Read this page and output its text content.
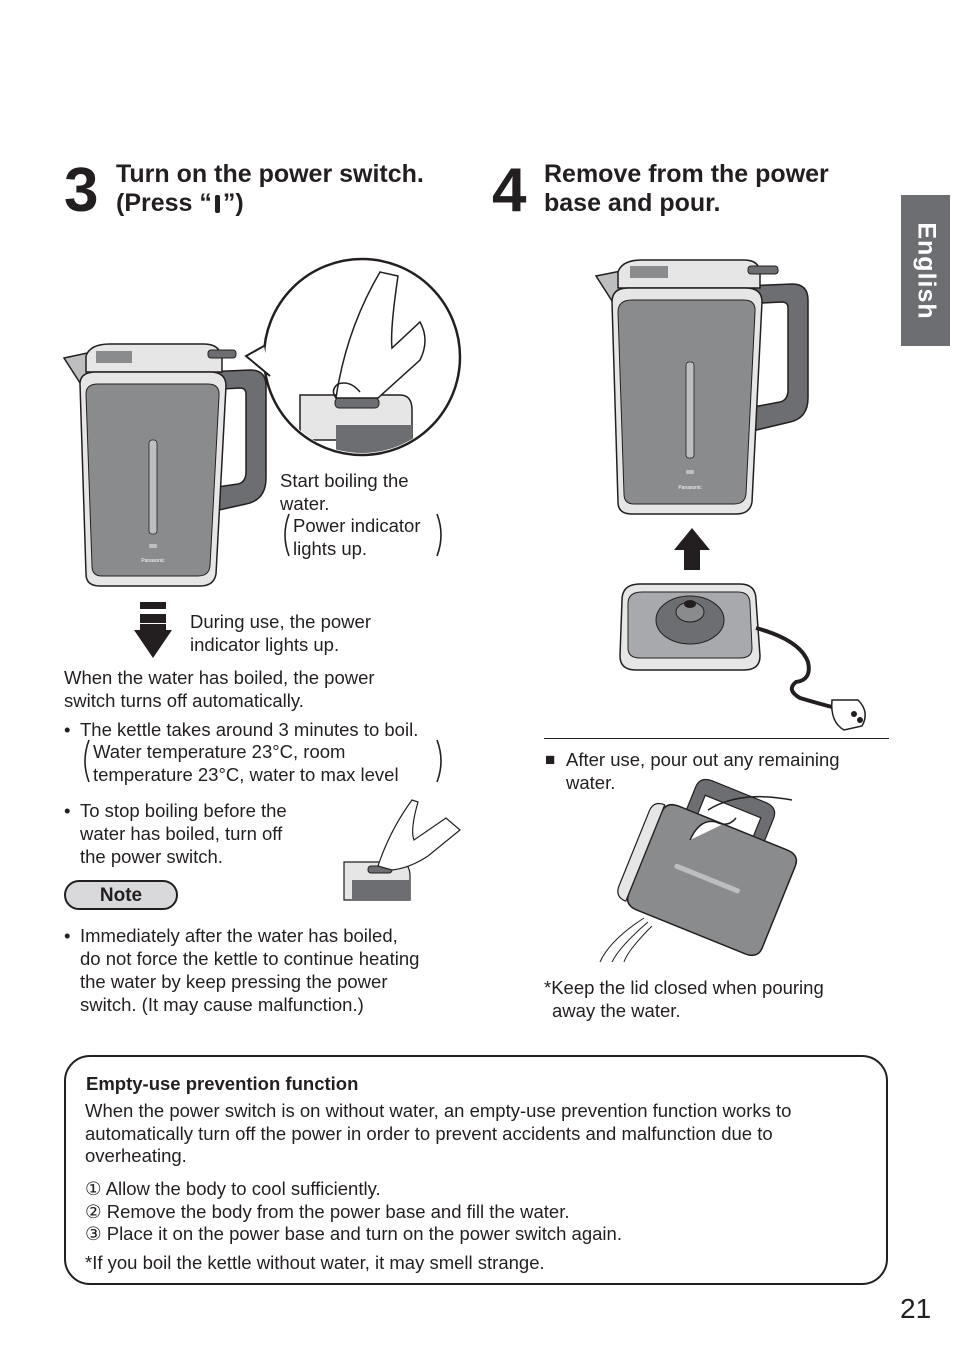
English
3 Turn on the power switch.
(Press “ ”)	4 Remove from the power
base and pour.
Panasonic
Start boiling the
water.
Power indicator
lights up.
During use, the power
indicator lights up.
When the water has boiled, the power
switch turns off automatically.
• The kettle takes around 3 minutes to boil.
Water temperature 23°C, room
temperature 23°C, water to max level
• To stop boiling before the
water has boiled, turn off
the power switch.
Note
• Immediately after the water has boiled,
do not force the kettle to continue heating
the water by keep pressing the power
switch. (It may cause malfunction.)
Panasonic
■ After use, pour out any remaining
water.
*Keep the lid closed when pouring
away the water.
Empty-use prevention function
When the power switch is on without water, an empty-use prevention function works to
automatically turn off the power in order to prevent accidents and malfunction due to
overheating.
① Allow the body to cool sufficiently.
② Remove the body from the power base and fill the water.
③ Place it on the power base and turn on the power switch again.
*If you boil the kettle without water, it may smell strange.
21
